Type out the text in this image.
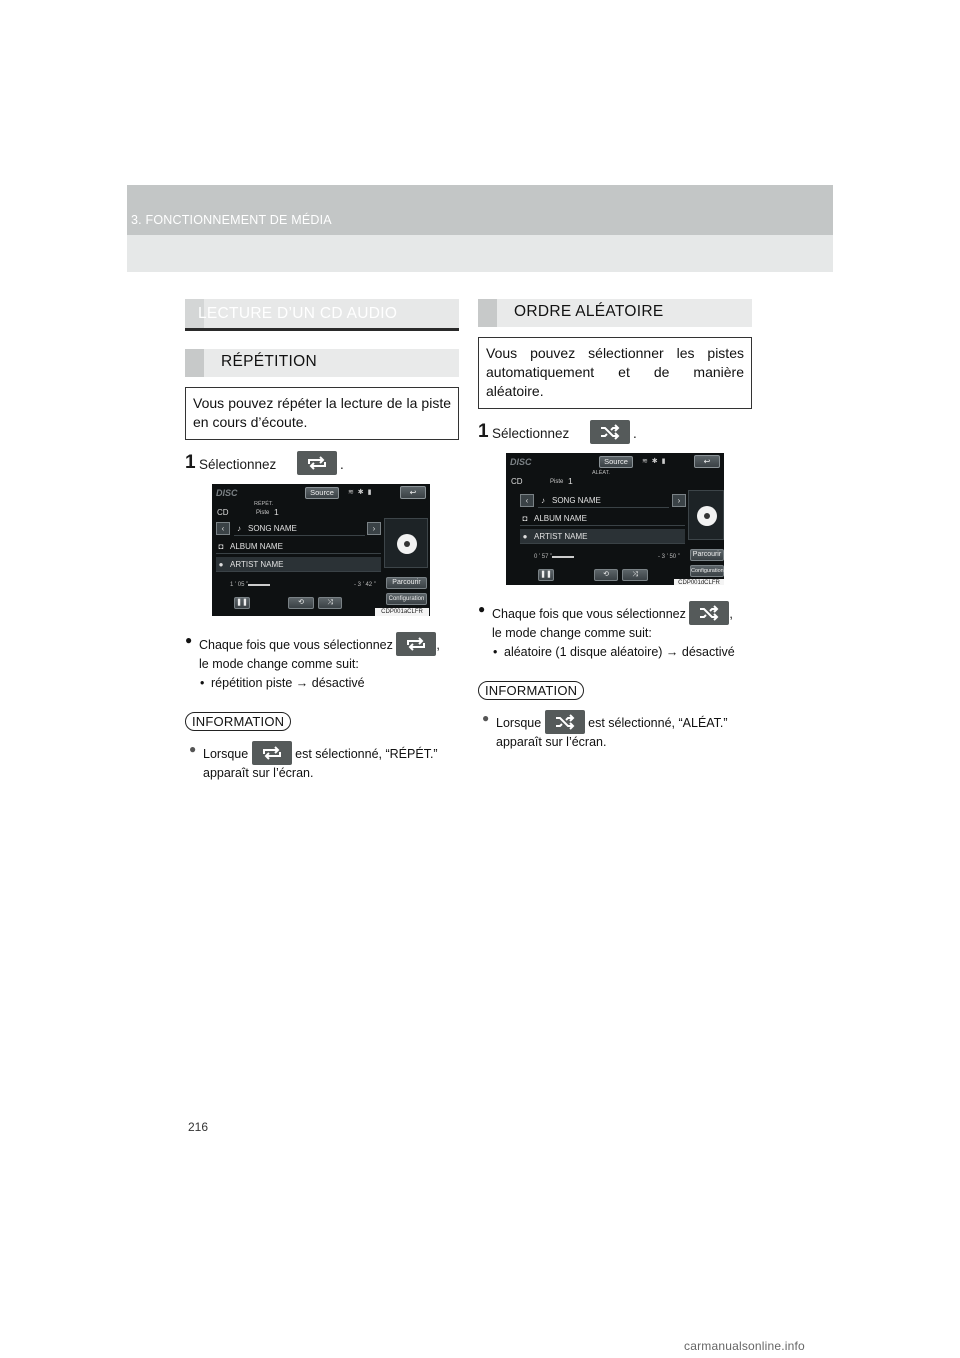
3. FONCTIONNEMENT DE MÉDIA
216
LECTURE D’UN CD AUDIO
RÉPÉTITION
Vous pouvez répéter la lecture de la piste en cours d’écoute.
1 Sélectionnez	.
DISC	Source	≋ ✱ ▮	↩
RÉPÉT.
CD	Piste 1
‹	›
♪ SONG NAME
◘ ALBUM NAME
● ARTIST NAME
1 ’ 05 ”	- 3 ’ 42 ”	Parcourir
Configuration
❚❚	⟲	⤨
CDP001aCLFR
● Chaque fois que vous sélectionnez	,
le mode change comme suit:
• répétition piste → désactivé
INFORMATION
● Lorsque	est sélectionné, “RÉPÉT.”
apparaît sur l’écran.
ORDRE ALÉATOIRE
Vous pouvez sélectionner les pistes automatiquement et de manière aléatoire.
1 Sélectionnez	.
DISC	Source	≋ ✱ ▮	↩
ALÉAT.
CD	Piste 1
‹	›
♪ SONG NAME
◘ ALBUM NAME
● ARTIST NAME
0 ’ 57 ”	- 3 ’ 50 ”	Parcourir
Configuration
❚❚	⟲	⤨
CDP001dCLFR
● Chaque fois que vous sélectionnez	,
le mode change comme suit:
• aléatoire (1 disque aléatoire) → désactivé
INFORMATION
● Lorsque	est sélectionné, “ALÉAT.”
apparaît sur l’écran.
carmanualsonline.info
